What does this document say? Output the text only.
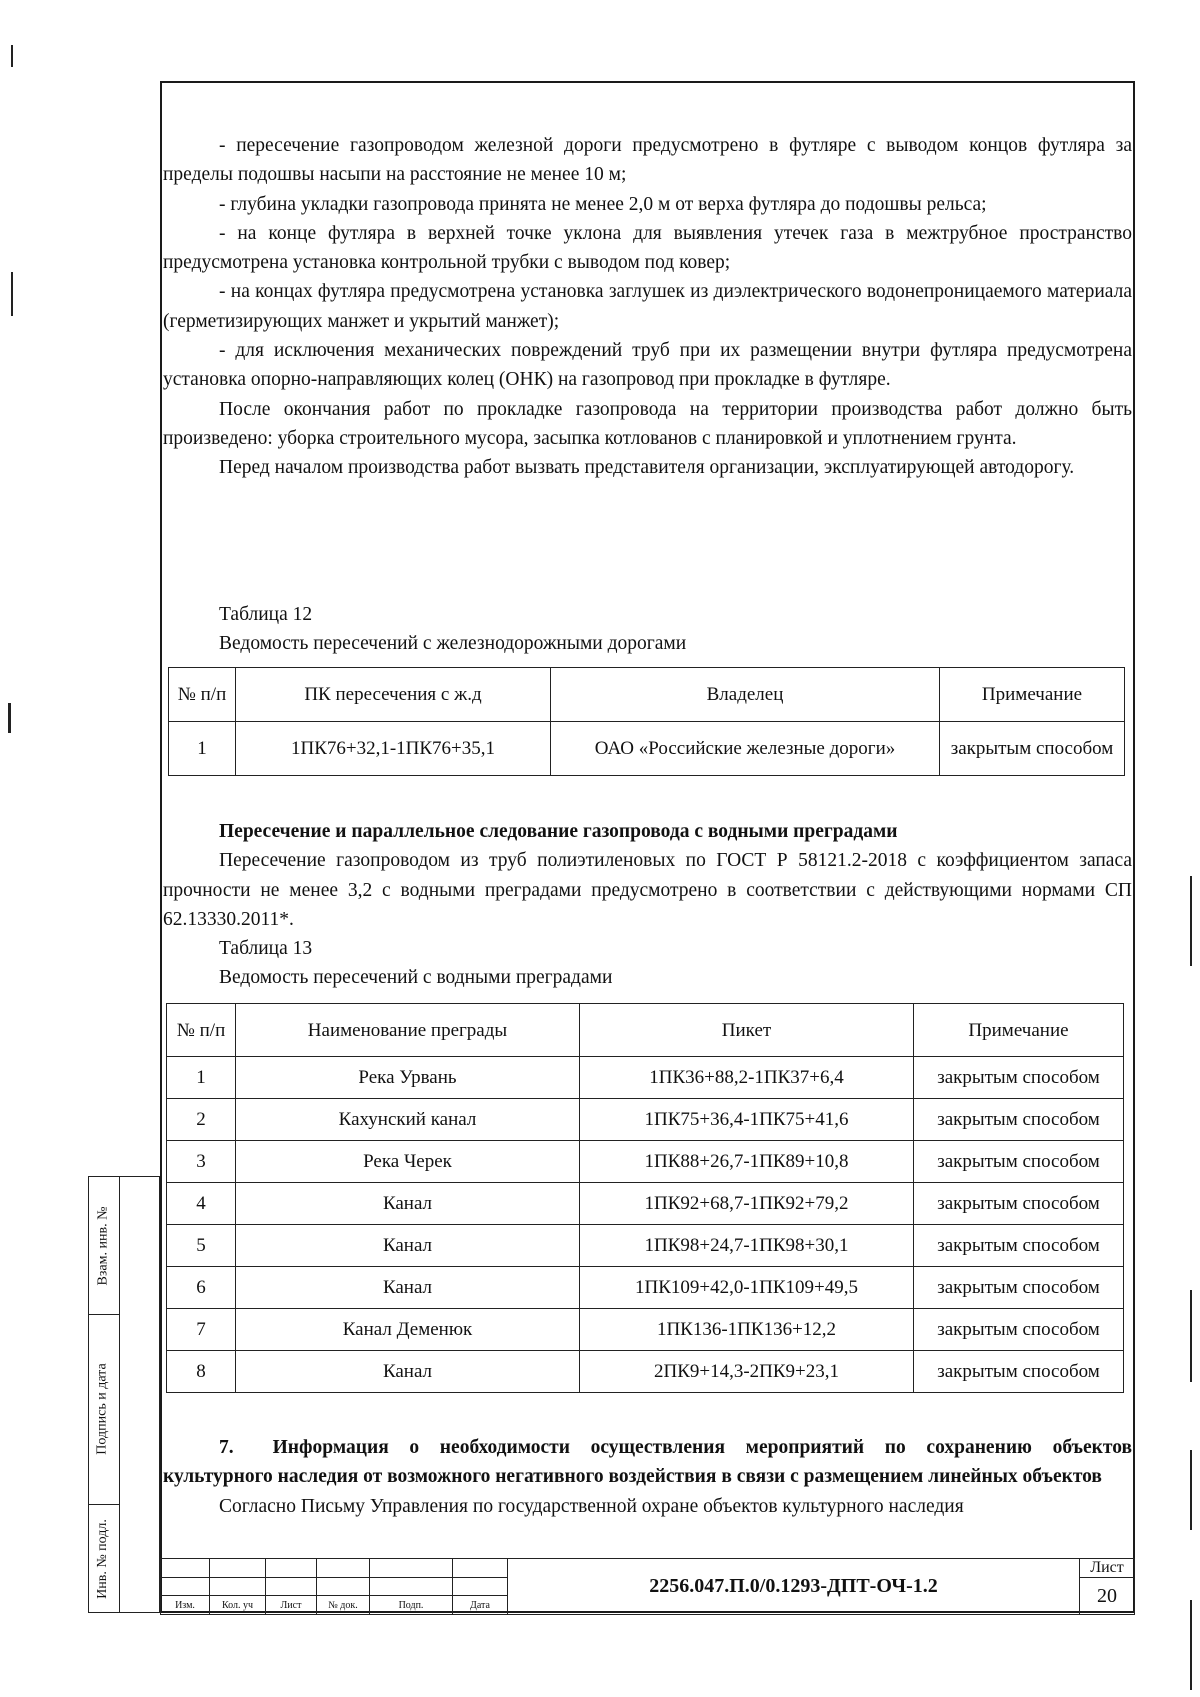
- пересечение газопроводом железной дороги предусмотрено в футляре с выводом концов футляра за пределы подошвы насыпи на расстояние не менее 10 м;

- глубина укладки газопровода принята не менее 2,0 м от верха футляра до подошвы рельса;

- на конце футляра в верхней точке уклона для выявления утечек газа в межтрубное пространство предусмотрена установка контрольной трубки с выводом под ковер;

- на концах футляра предусмотрена установка заглушек из диэлектрического водонепроницаемого материала (герметизирующих манжет и укрытий манжет);

- для исключения механических повреждений труб при их размещении внутри футляра предусмотрена установка опорно-направляющих колец (ОНК) на газопровод при прокладке в футляре.

После окончания работ по прокладке газопровода на территории производства работ должно быть произведено: уборка строительного мусора, засыпка котлованов с планировкой и уплотнением грунта.

Перед началом производства работ вызвать представителя организации, эксплуатирующей автодорогу.

Таблица 12

Ведомость пересечений с железнодорожными дорогами

№ п/п	ПК пересечения с ж.д	Владелец	Примечание
1	1ПК76+32,1-1ПК76+35,1	ОАО «Российские железные дороги»	закрытым способом

Пересечение и параллельное следование газопровода с водными преградами

Пересечение газопроводом из труб полиэтиленовых по ГОСТ Р 58121.2-2018 с коэффициентом запаса прочности не менее 3,2 с водными преградами предусмотрено в соответствии с действующими нормами СП 62.13330.2011*.

Таблица 13

Ведомость пересечений с водными преградами

№ п/п	Наименование преграды	Пикет	Примечание
1	Река Урвань	1ПК36+88,2-1ПК37+6,4	закрытым способом
2	Кахунский канал	1ПК75+36,4-1ПК75+41,6	закрытым способом
3	Река Черек	1ПК88+26,7-1ПК89+10,8	закрытым способом
4	Канал	1ПК92+68,7-1ПК92+79,2	закрытым способом
5	Канал	1ПК98+24,7-1ПК98+30,1	закрытым способом
6	Канал	1ПК109+42,0-1ПК109+49,5	закрытым способом
7	Канал Деменюк	1ПК136-1ПК136+12,2	закрытым способом
8	Канал	2ПК9+14,3-2ПК9+23,1	закрытым способом

7.  Информация о необходимости осуществления мероприятий по сохранению объектов культурного наследия от возможного негативного воздействия в связи с размещением линейных объектов

Согласно Письму Управления по государственной охране объектов культурного наследия

Взам. инв. №
Подпись и дата
Инв. № подл.
							2256.047.П.0/0.1293-ДПТ-ОЧ-1.2	Лист
							20
Изм.	Кол. уч	Лист	№ док.	Подп.	Дата		
